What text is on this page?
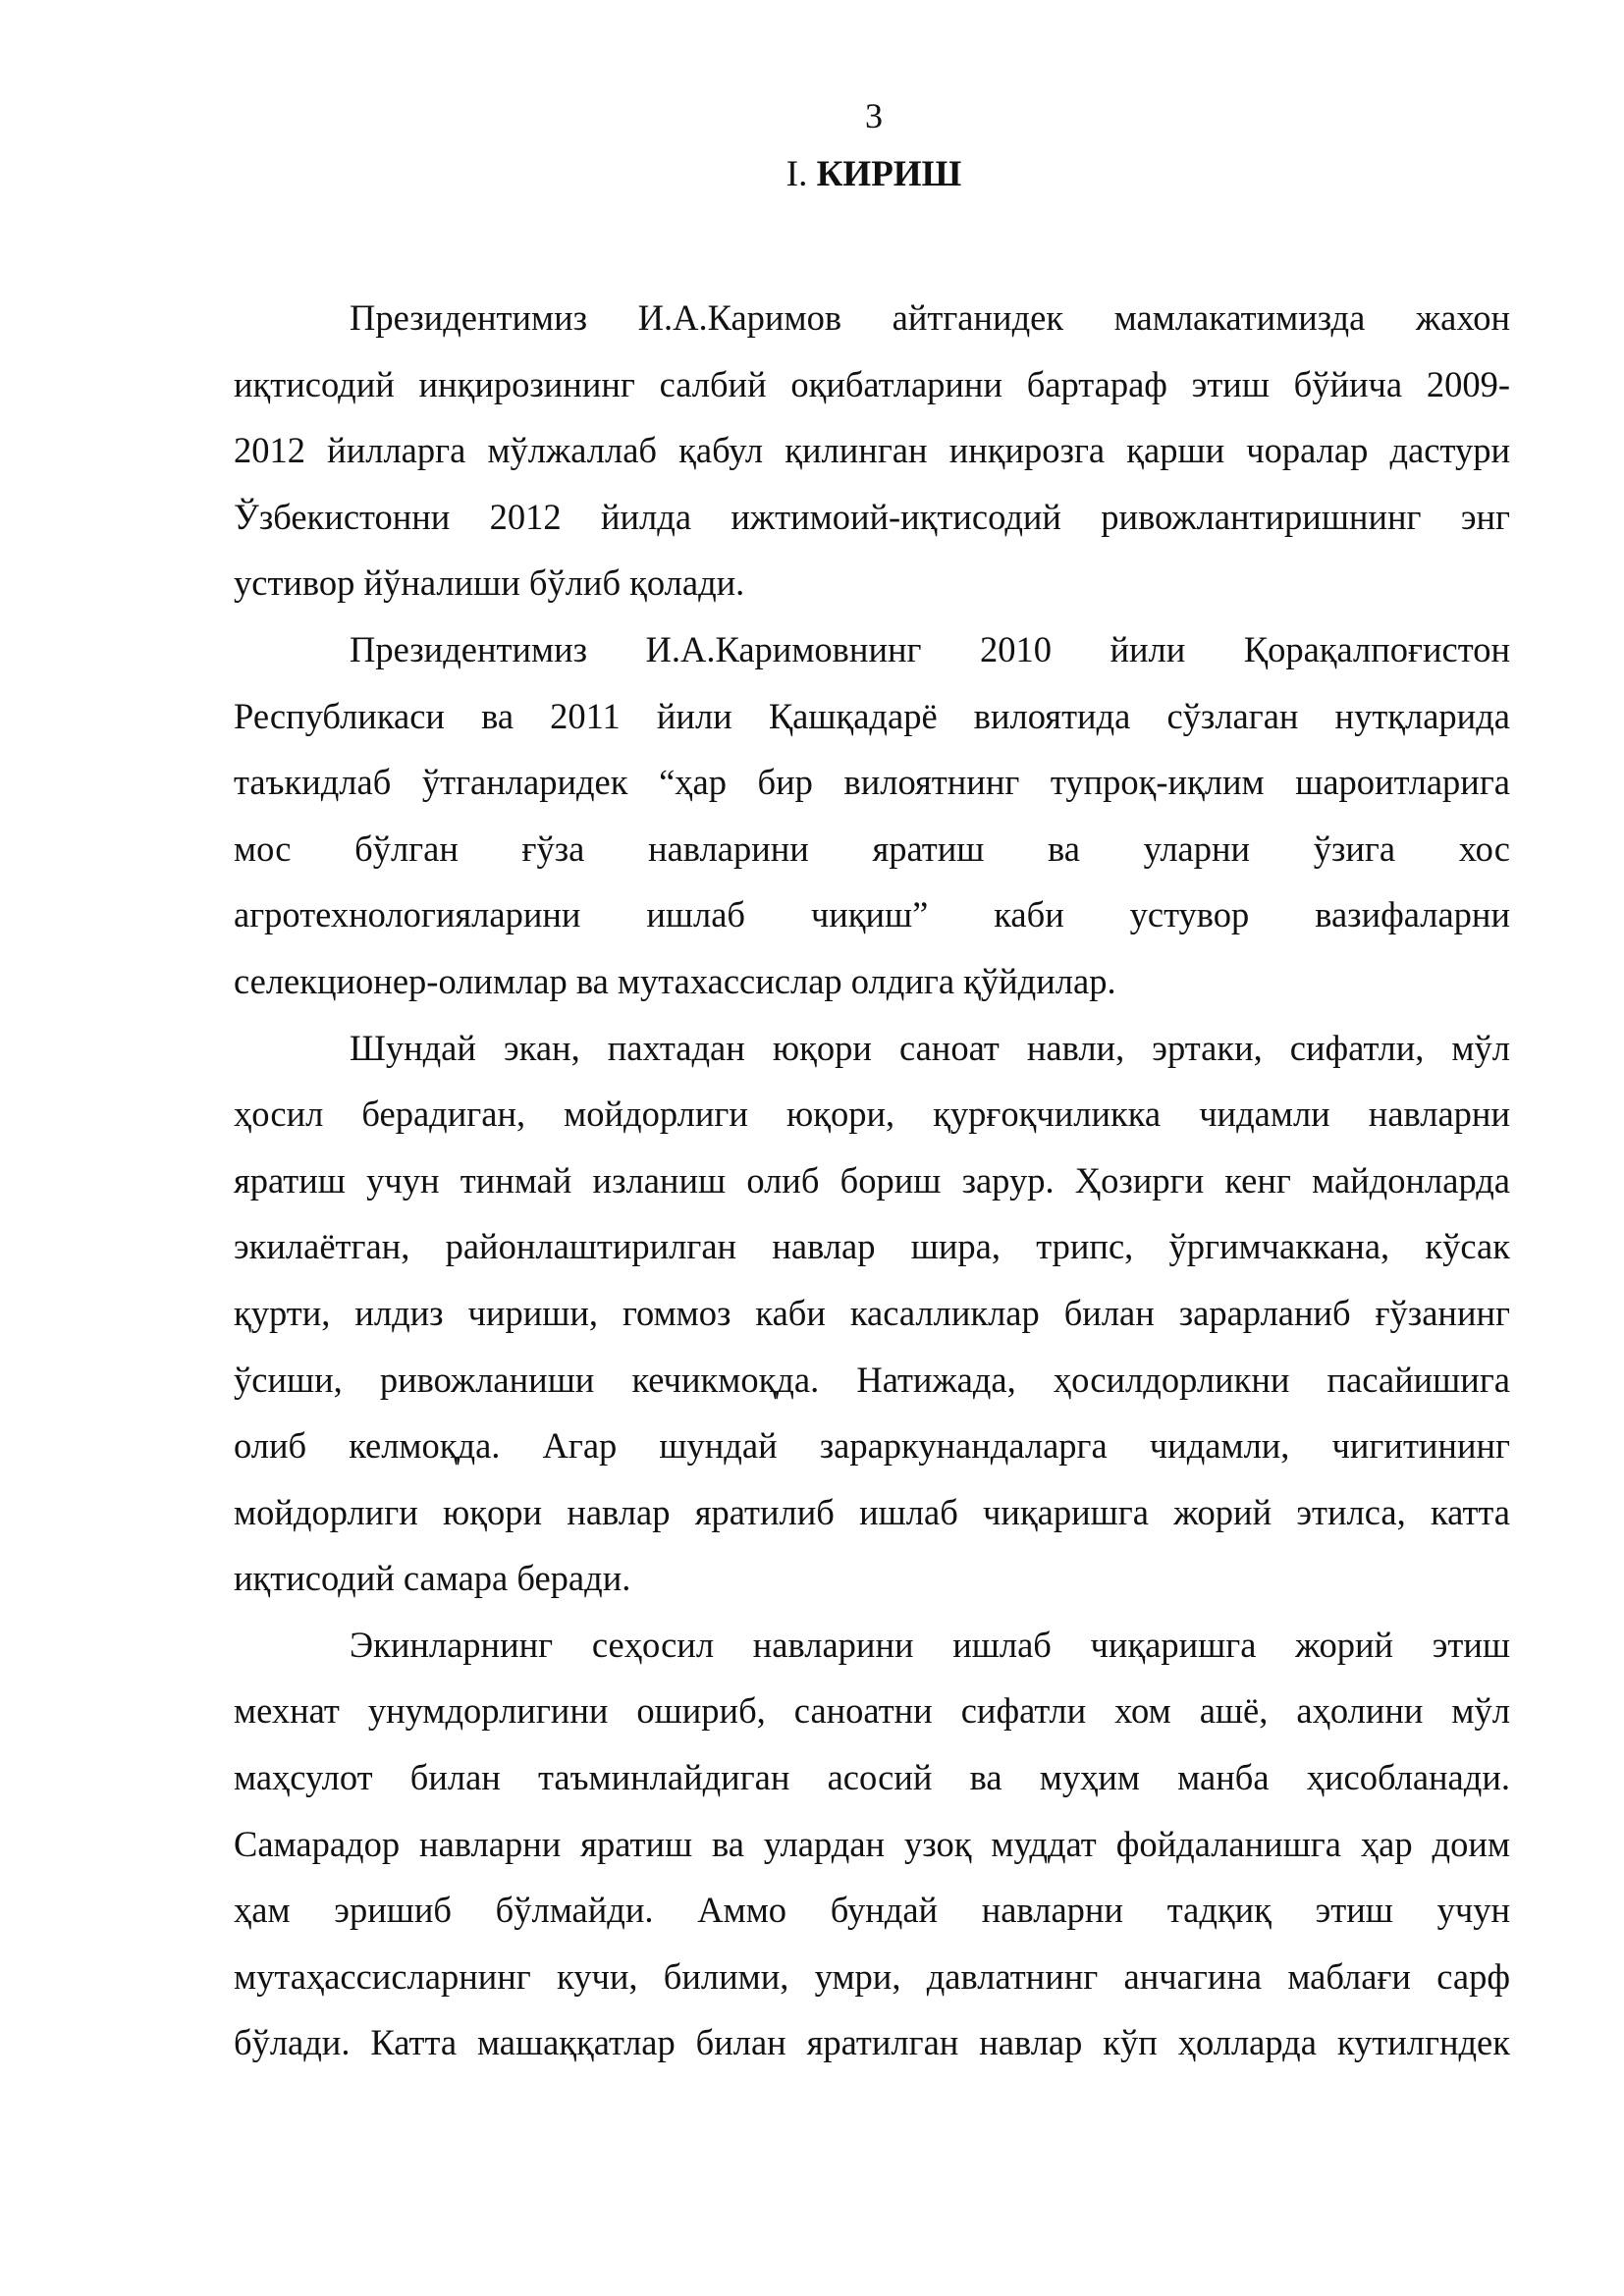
3
I. КИРИШ
Президентимиз И.А.Каримов айтганидек мамлакатимизда жахон
иқтисодий инқирозининг салбий оқибатларини бартараф этиш бўйича 2009-
2012 йилларга мўлжаллаб қабул қилинган инқирозга қарши чоралар дастури
Ўзбекистонни 2012 йилда ижтимоий-иқтисодий ривожлантиришнинг энг
устивор йўналиши бўлиб қолади.
Президентимиз И.А.Каримовнинг 2010 йили Қорақалпоғистон
Республикаси ва 2011 йили Қашқадарё вилоятида сўзлаган нутқларида
таъкидлаб ўтганларидек “ҳар бир вилоятнинг тупроқ-иқлим шароитларига
мос бўлган ғўза навларини яратиш ва уларни ўзига хос
агротехнологияларини ишлаб чиқиш” каби устувор вазифаларни
селекционер-олимлар ва мутахассислар олдига қўйдилар.
Шундай экан, пахтадан юқори саноат навли, эртаки, сифатли, мўл
ҳосил берадиган, мойдорлиги юқори, қурғоқчиликка чидамли навларни
яратиш учун тинмай изланиш олиб бориш зарур. Ҳозирги кенг майдонларда
экилаётган, районлаштирилган навлар шира, трипс, ўргимчаккана, кўсак
қурти, илдиз чириши, гоммоз каби касалликлар билан зарарланиб ғўзанинг
ўсиши, ривожланиши кечикмоқда. Натижада, ҳосилдорликни пасайишига
олиб келмоқда. Агар шундай зараркунандаларга чидамли, чигитининг
мойдорлиги юқори навлар яратилиб ишлаб чиқаришга жорий этилса, катта
иқтисодий самара беради.
Экинларнинг сеҳосил навларини ишлаб чиқаришга жорий этиш
мехнат унумдорлигини ошириб, саноатни сифатли хом ашё, аҳолини мўл
маҳсулот билан таъминлайдиган асосий ва муҳим манба ҳисобланади.
Самарадор навларни яратиш ва улардан узоқ муддат фойдаланишга ҳар доим
ҳам эришиб бўлмайди. Аммо бундай навларни тадқиқ этиш учун
мутаҳассисларнинг кучи, билими, умри, давлатнинг анчагина маблағи сарф
бўлади. Катта машаққатлар билан яратилган навлар кўп ҳолларда кутилгндек
